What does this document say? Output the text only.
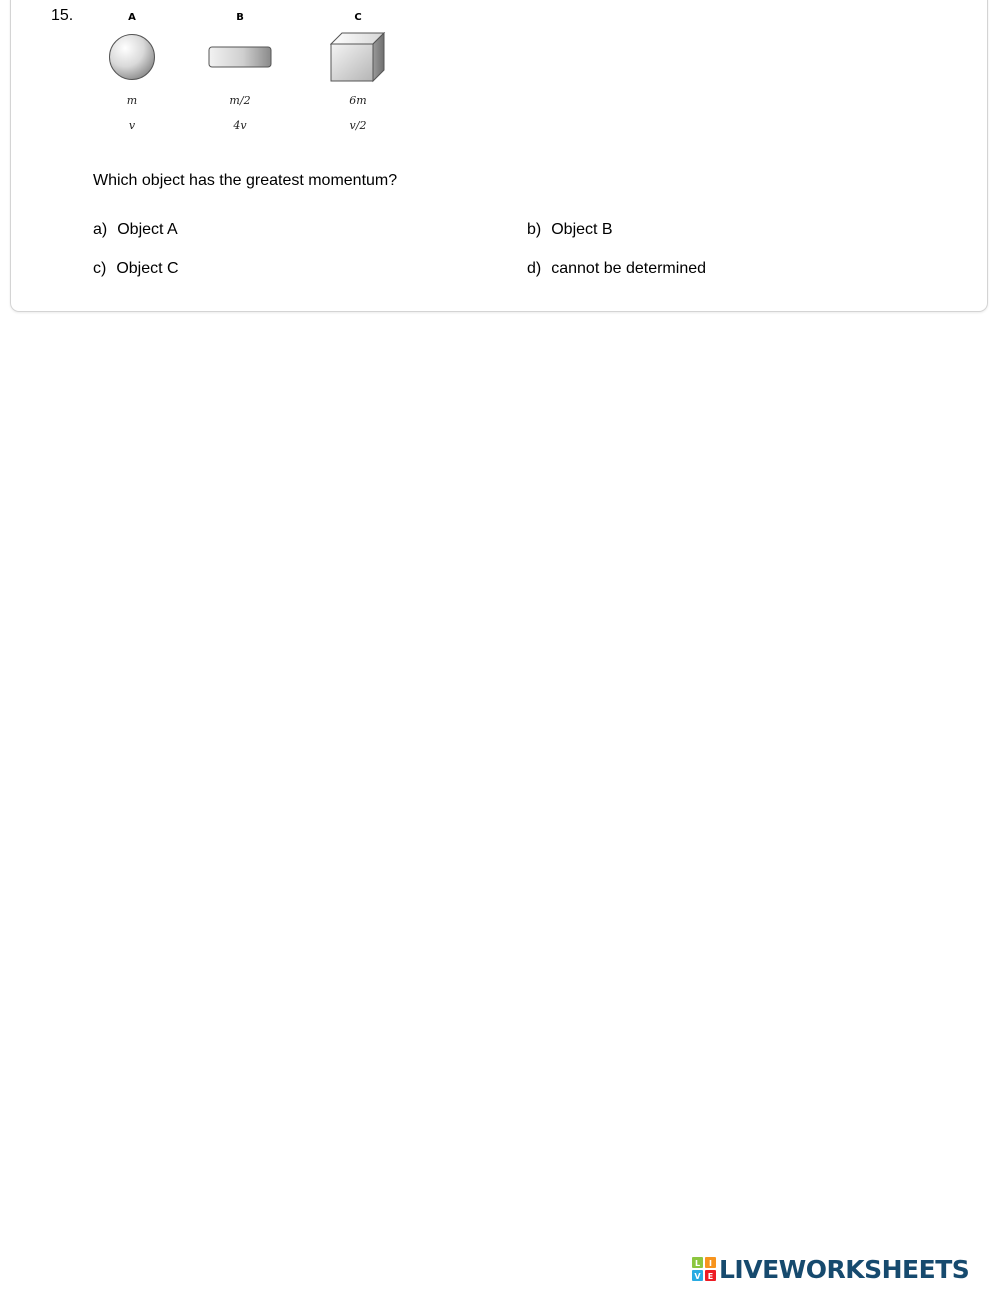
15.	A
m
v
B
m/2
4v
C
6m
v/2
Which object has the greatest momentum?
a) Object A	b) Object B
c) Object C	d) cannot be determined
L I
V E LIVEWORKSHEETS
